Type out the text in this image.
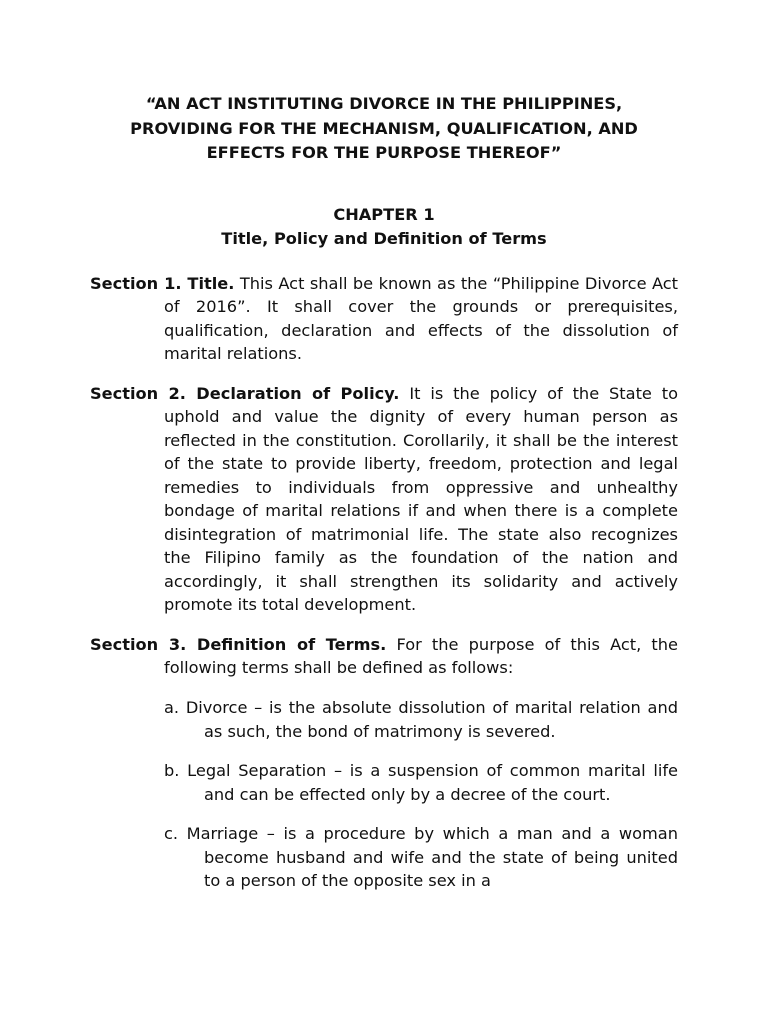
“AN ACT INSTITUTING DIVORCE IN THE PHILIPPINES,
PROVIDING FOR THE MECHANISM, QUALIFICATION, AND
EFFECTS FOR THE PURPOSE THEREOF”
CHAPTER 1
Title, Policy and Definition of Terms

Section 1. Title. This Act shall be known as the “Philippine Divorce Act of 2016”. It shall cover the grounds or prerequisites, qualification, declaration and effects of the dissolution of marital relations.

Section 2. Declaration of Policy. It is the policy of the State to uphold and value the dignity of every human person as reflected in the constitution. Corollarily, it shall be the interest of the state to provide liberty, freedom, protection and legal remedies to individuals from oppressive and unhealthy bondage of marital relations if and when there is a complete disintegration of matrimonial life. The state also recognizes the Filipino family as the foundation of the nation and accordingly, it shall strengthen its solidarity and actively promote its total development.

Section 3. Definition of Terms. For the purpose of this Act, the following terms shall be defined as follows:

a. Divorce – is the absolute dissolution of marital relation and as such, the bond of matrimony is severed.

b. Legal Separation – is a suspension of common marital life and can be effected only by a decree of the court.

c. Marriage – is a procedure by which a man and a woman become husband and wife and the state of being united to a person of the opposite sex in a
